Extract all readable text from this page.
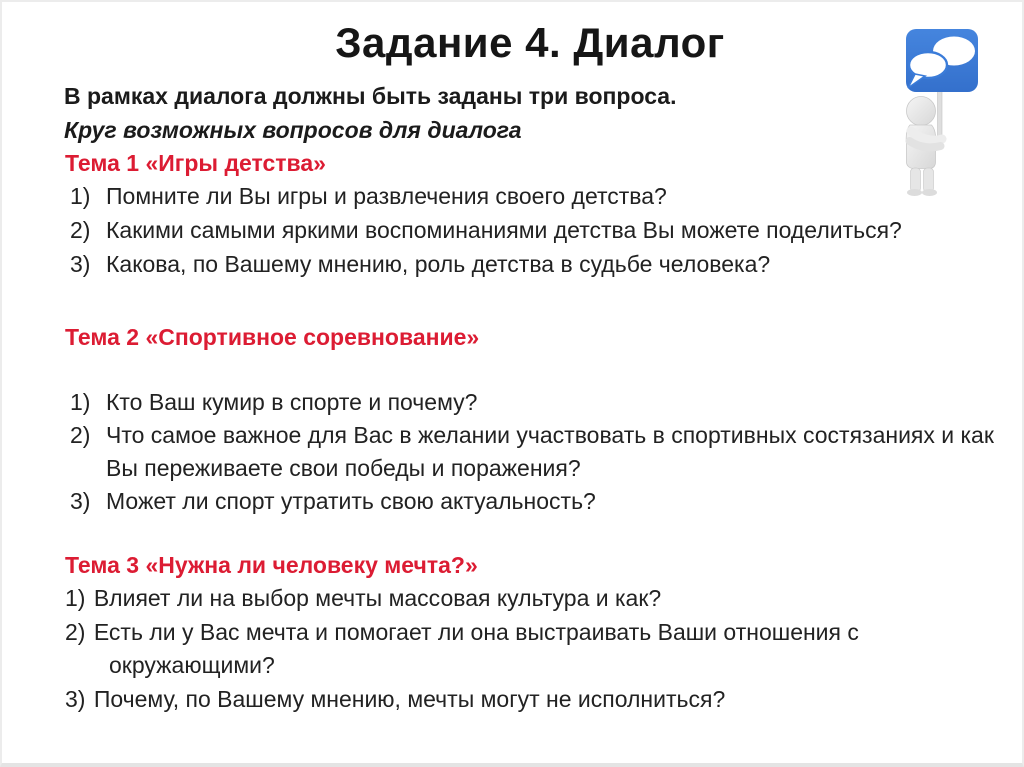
Задание 4. Диалог
В рамках диалога должны быть заданы три вопроса.
Круг возможных вопросов для диалога
Тема 1 «Игры детства»
1) Помните ли Вы игры и развлечения своего детства?
2) Какими самыми яркими воспоминаниями детства Вы можете поделиться?
3) Какова, по Вашему мнению, роль детства в судьбе человека?
Тема 2 «Спортивное соревнование»
1) Кто Ваш кумир в спорте и почему?
2) Что самое важное для Вас в желании участвовать в спортивных состязаниях и как  Вы переживаете свои победы и поражения?
3) Может ли спорт утратить свою актуальность?
Тема 3 «Нужна ли человеку мечта?»
1) Влияет ли на выбор мечты массовая культура и как?
2) Есть ли у Вас мечта и помогает ли она выстраивать Ваши отношения с окружающими?
3) Почему, по Вашему мнению, мечты могут не исполниться?
